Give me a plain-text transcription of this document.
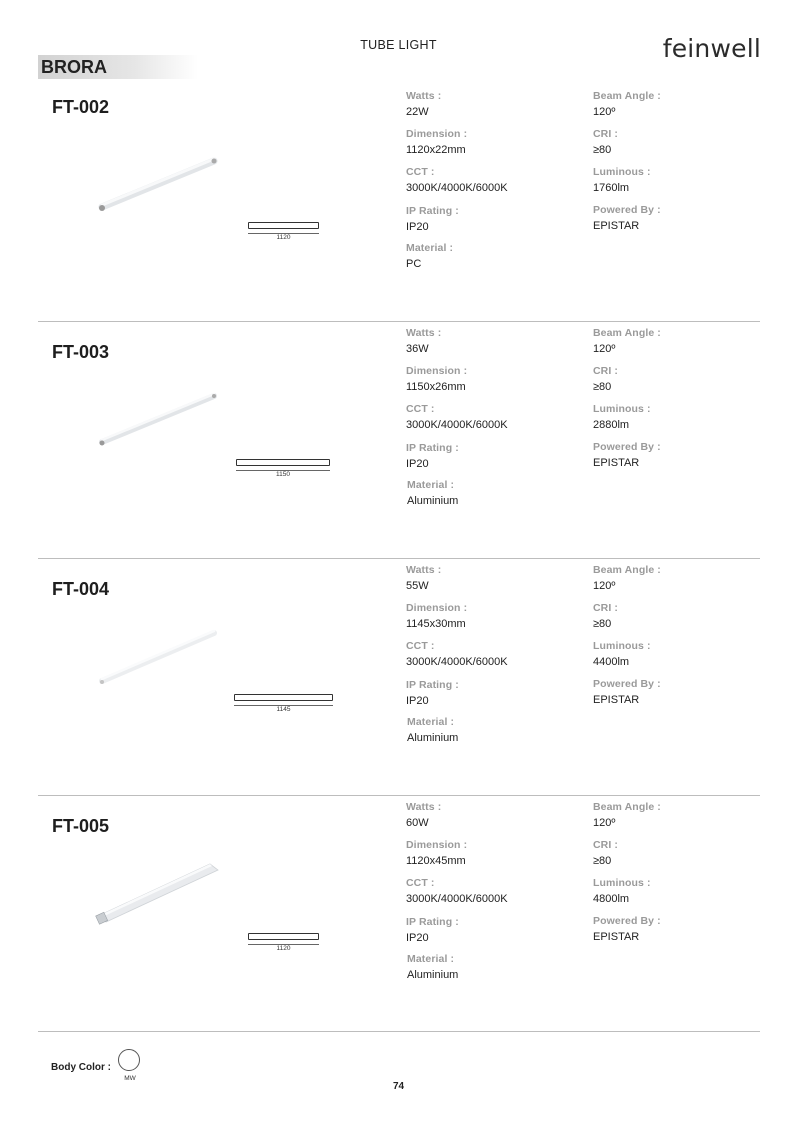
TUBE LIGHT
BRORA
feinwell
FT-002
1120
Watts :
22W
Dimension :
1120x22mm
CCT :
3000K/4000K/6000K
IP Rating :
IP20
Material :
PC
Beam Angle :
120º
CRI :
≥80
Luminous :
1760lm
Powered By :
EPISTAR
FT-003
1150
Watts :
36W
Dimension :
1150x26mm
CCT :
3000K/4000K/6000K
IP Rating :
IP20
Material :
Aluminium
Beam Angle :
120º
CRI :
≥80
Luminous :
2880lm
Powered By :
EPISTAR
FT-004
1145
Watts :
55W
Dimension :
1145x30mm
CCT :
3000K/4000K/6000K
IP Rating :
IP20
Material :
Aluminium
Beam Angle :
120º
CRI :
≥80
Luminous :
4400lm
Powered By :
EPISTAR
FT-005
1120
Watts :
60W
Dimension :
1120x45mm
CCT :
3000K/4000K/6000K
IP Rating :
IP20
Material :
Aluminium
Beam Angle :
120º
CRI :
≥80
Luminous :
4800lm
Powered By :
EPISTAR
Body Color :
MW
74
